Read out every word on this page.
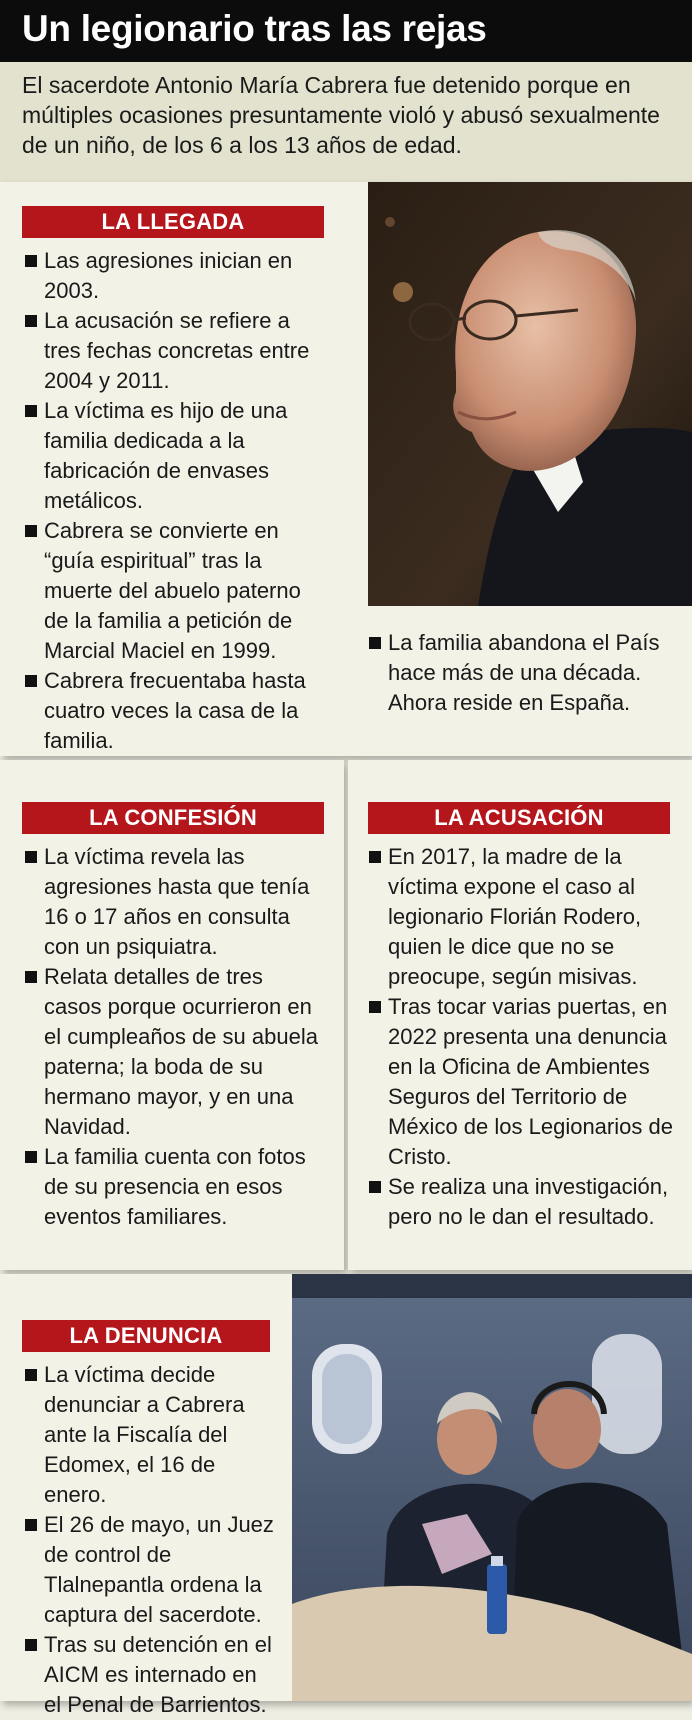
Un legionario tras las rejas

El sacerdote Antonio María Cabrera fue detenido porque en múltiples ocasiones presuntamente violó y abusó sexualmente de un niño, de los 6 a los 13 años de edad.

LA LLEGADA
Las agresiones inician en 2003.
La acusación se refiere a tres fechas concretas entre 2004 y 2011.
La víctima es hijo de una familia dedicada a la fabricación de envases metálicos.
Cabrera se convierte en “guía espiritual” tras la muerte del abuelo paterno de la familia a petición de Marcial Maciel en 1999.
Cabrera frecuentaba hasta cuatro veces la casa de la familia.
La familia abandona el País hace más de una década. Ahora reside en España.
LA CONFESIÓN
La víctima revela las agresiones hasta que tenía 16 o 17 años en consulta con un psiquiatra.
Relata detalles de tres casos porque ocurrieron en el cumpleaños de su abuela paterna; la boda de su hermano mayor, y en una Navidad.
La familia cuenta con fotos de su presencia en esos eventos familiares.
LA ACUSACIÓN
En 2017, la madre de la víctima expone el caso al legionario Florián Rodero, quien le dice que no se preocupe, según misivas.
Tras tocar varias puertas, en 2022 presenta una denuncia en la Oficina de Ambientes Seguros del Territorio de México de los Legionarios de Cristo.
Se realiza una investigación, pero no le dan el resultado.
LA DENUNCIA
La víctima decide denunciar a Cabrera ante la Fiscalía del Edomex, el 16 de enero.
El 26 de mayo, un Juez de control de Tlalnepantla ordena la captura del sacerdote.
Tras su detención en el AICM es internado en el Penal de Barrientos.
